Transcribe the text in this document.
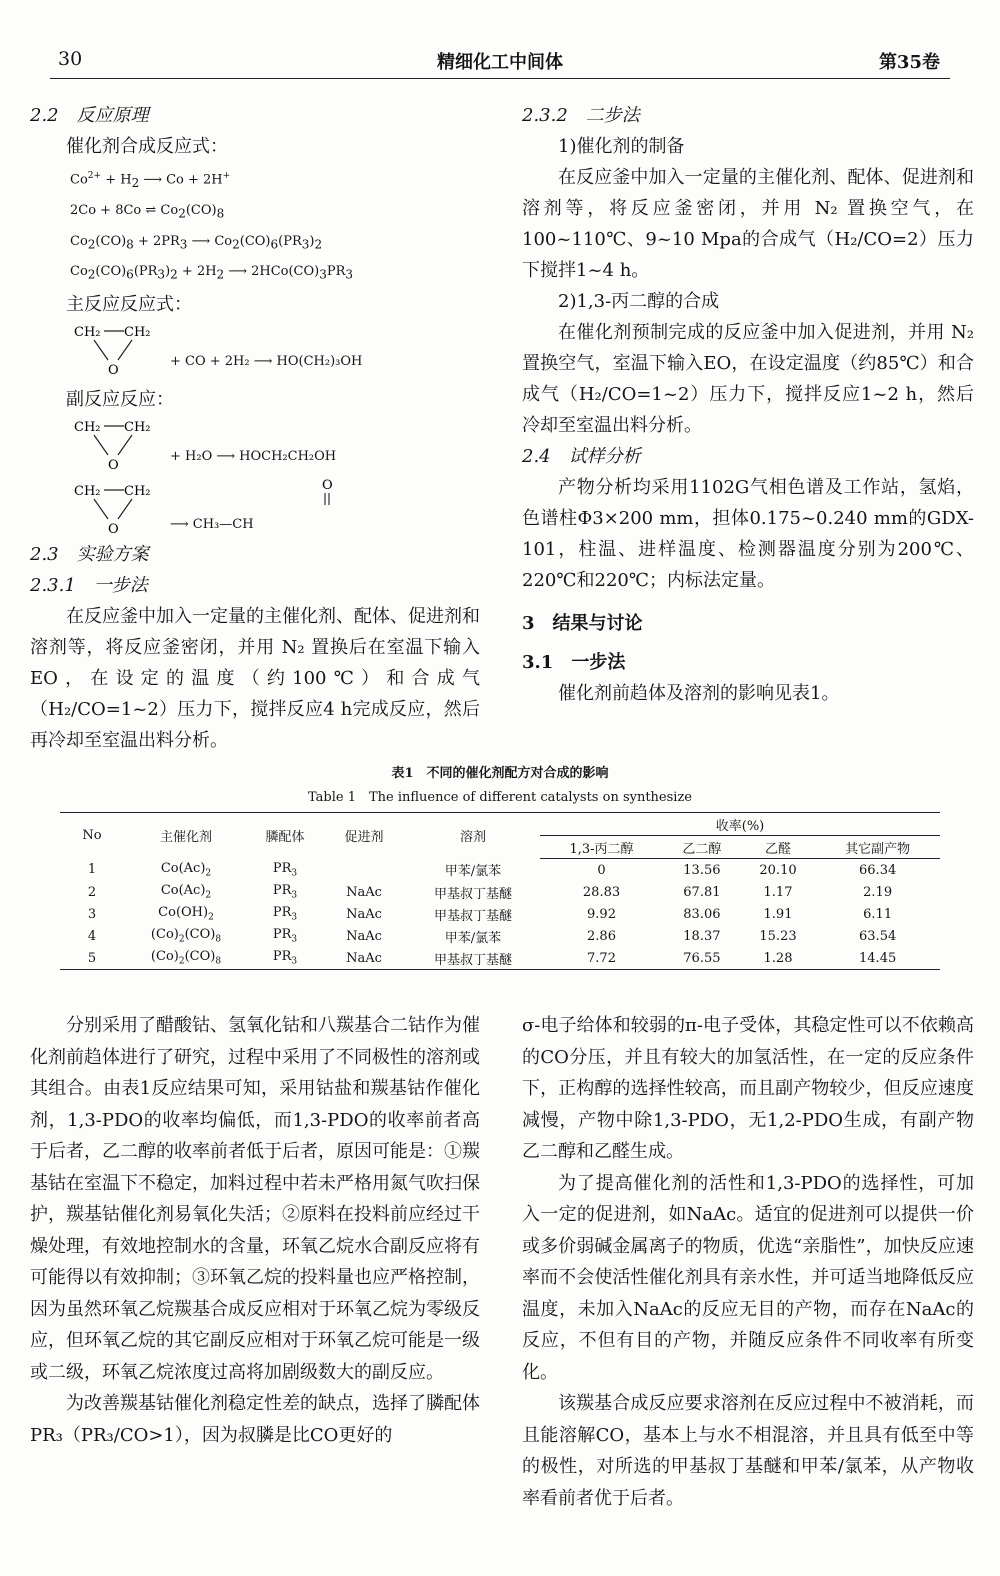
30	精细化工中间体	第35卷

2.2　反应原理

催化剂合成反应式：

$Co^{2+} + H_2$ ⟶ Co + 2H+
2Co + 8Co ⇌ $Co_2(CO)_8$
$Co_2(CO)_8 + 2PR_3$ ⟶ $Co_2(CO)_6(PR_3)_2$
$Co_2(CO)_6(PR_3)_2 + 2H_2$ ⟶ $2HCo(CO)_3PR_3$

主反应反应式：

CH₂ CH₂
O
+ CO + 2H₂ ⟶ HO(CH₂)₃OH

副反应反应：

CH₂ CH₂
O
+ H₂O ⟶ HOCH₂CH₂OH
CH₂ CH₂
O	⟶ CH₃—CH
O

2.3　实验方案

2.3.1　一步法

在反应釜中加入一定量的主催化剂、配体、促进剂和溶剂等，将反应釜密闭，并用 N₂ 置换后在室温下输入EO，在设定的温度（约100℃）和合成气（H₂/CO=1~2）压力下，搅拌反应4 h完成反应，然后再冷却至室温出料分析。

2.3.2　二步法

1)催化剂的制备

在反应釜中加入一定量的主催化剂、配体、促进剂和溶剂等，将反应釜密闭，并用 N₂ 置换空气，在100~110℃、9~10 Mpa的合成气（H₂/CO=2）压力下搅拌1~4 h。

2)1,3-丙二醇的合成

在催化剂预制完成的反应釜中加入促进剂，并用 N₂ 置换空气，室温下输入EO，在设定温度（约85℃）和合成气（H₂/CO=1~2）压力下，搅拌反应1~2 h，然后冷却至室温出料分析。

2.4　试样分析

产物分析均采用1102G气相色谱及工作站，氢焰，色谱柱Φ3×200 mm，担体0.175~0.240 mm的GDX-101，柱温、进样温度、检测器温度分别为200℃、220℃和220℃；内标法定量。

3　结果与讨论

3.1　一步法

催化剂前趋体及溶剂的影响见表1。

表1　不同的催化剂配方对合成的影响
Table 1　The influence of different catalysts on synthesize
No	主催化剂	膦配体	促进剂	溶剂	收率(%)			
					1,3-丙二醇	乙二醇	乙醛	其它副产物
1	$Co(Ac)_2$	$PR_3$		甲苯/氯苯	0	13.56	20.10	66.34
2	$Co(Ac)_2$	$PR_3$	NaAc	甲基叔丁基醚	28.83	67.81	1.17	2.19
3	$Co(OH)_2$	$PR_3$	NaAc	甲基叔丁基醚	9.92	83.06	1.91	6.11
4	$(Co)_2(CO)_8$	$PR_3$	NaAc	甲苯/氯苯	2.86	18.37	15.23	63.54
5	$(Co)_2(CO)_8$	$PR_3$	NaAc	甲基叔丁基醚	7.72	76.55	1.28	14.45

分别采用了醋酸钴、氢氧化钴和八羰基合二钴作为催化剂前趋体进行了研究，过程中采用了不同极性的溶剂或其组合。由表1反应结果可知，采用钴盐和羰基钴作催化剂，1,3-PDO的收率均偏低，而1,3-PDO的收率前者高于后者，乙二醇的收率前者低于后者，原因可能是：①羰基钴在室温下不稳定，加料过程中若未严格用氮气吹扫保护，羰基钴催化剂易氧化失活；②原料在投料前应经过干燥处理，有效地控制水的含量，环氧乙烷水合副反应将有可能得以有效抑制；③环氧乙烷的投料量也应严格控制，因为虽然环氧乙烷羰基合成反应相对于环氧乙烷为零级反应，但环氧乙烷的其它副反应相对于环氧乙烷可能是一级或二级，环氧乙烷浓度过高将加剧级数大的副反应。

为改善羰基钴催化剂稳定性差的缺点，选择了膦配体PR₃（PR₃/CO>1），因为叔膦是比CO更好的

σ-电子给体和较弱的π-电子受体，其稳定性可以不依赖高的CO分压，并且有较大的加氢活性，在一定的反应条件下，正构醇的选择性较高，而且副产物较少，但反应速度减慢，产物中除1,3-PDO，无1,2-PDO生成，有副产物乙二醇和乙醛生成。

为了提高催化剂的活性和1,3-PDO的选择性，可加入一定的促进剂，如NaAc。适宜的促进剂可以提供一价或多价弱碱金属离子的物质，优选“亲脂性”，加快反应速率而不会使活性催化剂具有亲水性，并可适当地降低反应温度，未加入NaAc的反应无目的产物，而存在NaAc的反应，不但有目的产物，并随反应条件不同收率有所变化。

该羰基合成反应要求溶剂在反应过程中不被消耗，而且能溶解CO，基本上与水不相混溶，并且具有低至中等的极性，对所选的甲基叔丁基醚和甲苯/氯苯，从产物收率看前者优于后者。
